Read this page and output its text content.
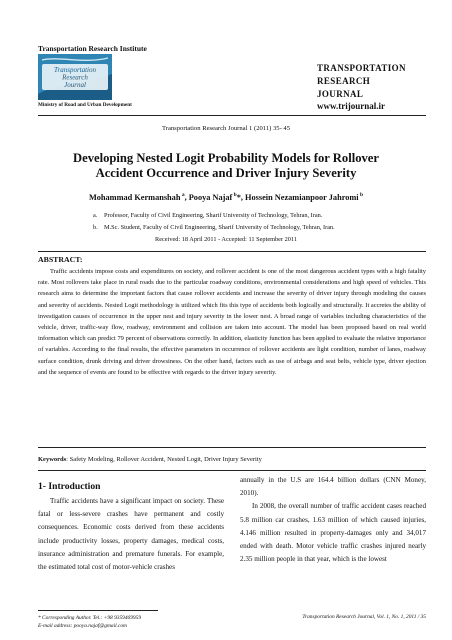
Transportation Research Institute
Transportation
Research
Journal
Ministry of Road and Urban Development
TRANSPORTATION
RESEARCH
JOURNAL
www.trijournal.ir
Transportation Research Journal 1 (2011) 35- 45
Developing Nested Logit Probability Models for Rollover
Accident Occurrence and Driver Injury Severity
Mohammad Kermanshah $^a$, Pooya Najaf $^b$*, Hossein Nezamianpoor Jahromi $^b$
a. Professor, Faculty of Civil Engineering, Sharif University of Technology, Tehran, Iran.
b. M.Sc. Student, Faculty of Civil Engineering, Sharif University of Technology, Tehran, Iran.
Received: 18 April 2011 - Accepted: 11 September 2011
ABSTRACT:
Traffic accidents impose costs and expenditures on society, and rollover accident is one of the most dangerous accident types with a high fatality rate. Most rollovers take place in rural roads due to the particular roadway conditions, environmental considerations and high speed of vehicles. This research aims to determine the important factors that cause rollover accidents and increase the severity of driver injury through modeling the causes and severity of accidents. Nested Logit methodology is utilized which fits this type of accidents both logically and structurally. It accretes the ability of investigation causes of occurrence in the upper nest and injury severity in the lower nest. A broad range of variables including characteristics of the vehicle, driver, traffic-way flow, roadway, environment and collision are taken into account. The model has been proposed based on real world information which can predict 79 percent of observations correctly. In addition, elasticity function has been applied to evaluate the relative importance of variables. According to the final results, the effective parameters in occurrence of rollover accidents are light condition, number of lanes, roadway surface condition, drunk driving and driver drowsiness. On the other hand, factors such as use of airbags and seat belts, vehicle type, driver ejection and the sequence of events are found to be effective with regards to the driver injury severity.
Keywords: Safety Modeling, Rollover Accident, Nested Logit, Driver Injury Severity
1- Introduction

Traffic accidents have a significant impact on society. These fatal or less-severe crashes have permanent and costly consequences. Economic costs derived from these accidents include productivity losses, property damages, medical costs, insurance administration and premature funerals. For example, the estimated total cost of motor-vehicle crashes

annually in the U.S are 164.4 billion dollars (CNN Money, 2010).

In 2008, the overall number of traffic accident cases reached 5.8 million car crashes, 1.63 million of which caused injuries, 4.146 million resulted in property-damages only and 34,017 ended with death. Motor vehicle traffic crashes injured nearly 2.35 million people in that year, which is the lowest

* Corresponding Author. Tel.: +98 9359469959
E-mail address: pooya.najaf@gmail.com
Transportation Research Journal, Vol. 1, No. 1, 2011 / 35
